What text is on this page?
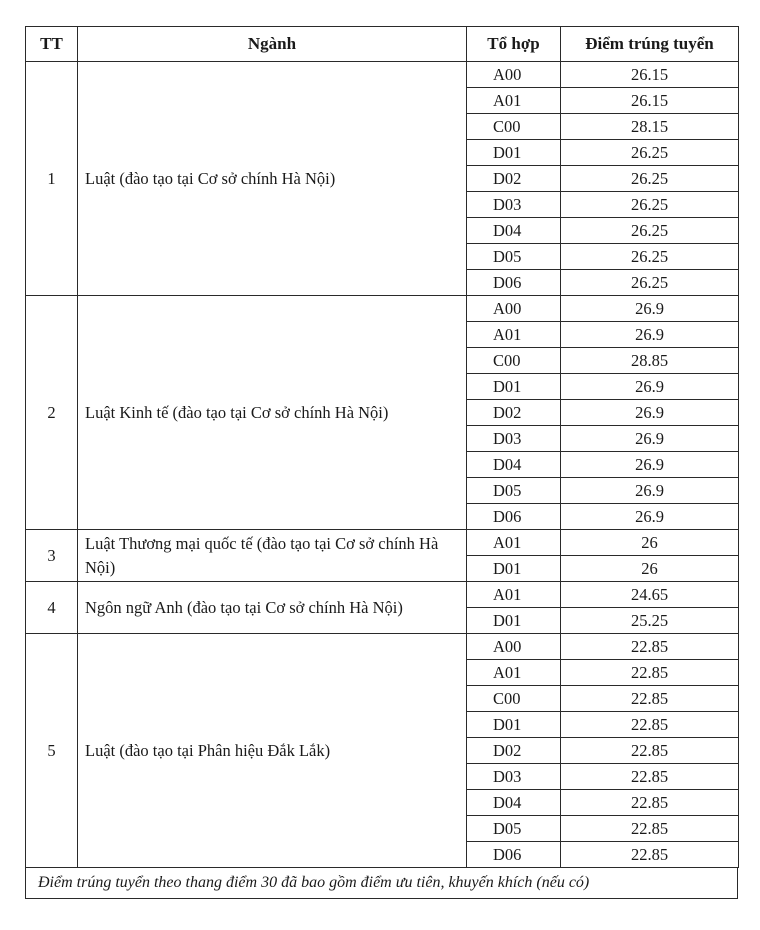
TT	Ngành	Tổ hợp	Điểm trúng tuyển
1	Luật (đào tạo tại Cơ sở chính Hà Nội)	A00	26.15
		A01	26.15
		C00	28.15
		D01	26.25
		D02	26.25
		D03	26.25
		D04	26.25
		D05	26.25
		D06	26.25
2	Luật Kinh tế (đào tạo tại Cơ sở chính Hà Nội)	A00	26.9
		A01	26.9
		C00	28.85
		D01	26.9
		D02	26.9
		D03	26.9
		D04	26.9
		D05	26.9
		D06	26.9
3	Luật Thương mại quốc tế (đào tạo tại Cơ sở chính Hà Nội)	A01	26
		D01	26
4	Ngôn ngữ Anh (đào tạo tại Cơ sở chính Hà Nội)	A01	24.65
		D01	25.25
5	Luật (đào tạo tại Phân hiệu Đắk Lắk)	A00	22.85
		A01	22.85
		C00	22.85
		D01	22.85
		D02	22.85
		D03	22.85
		D04	22.85
		D05	22.85
		D06	22.85
Điểm trúng tuyển theo thang điểm 30 đã bao gồm điểm ưu tiên, khuyến khích (nếu có)
